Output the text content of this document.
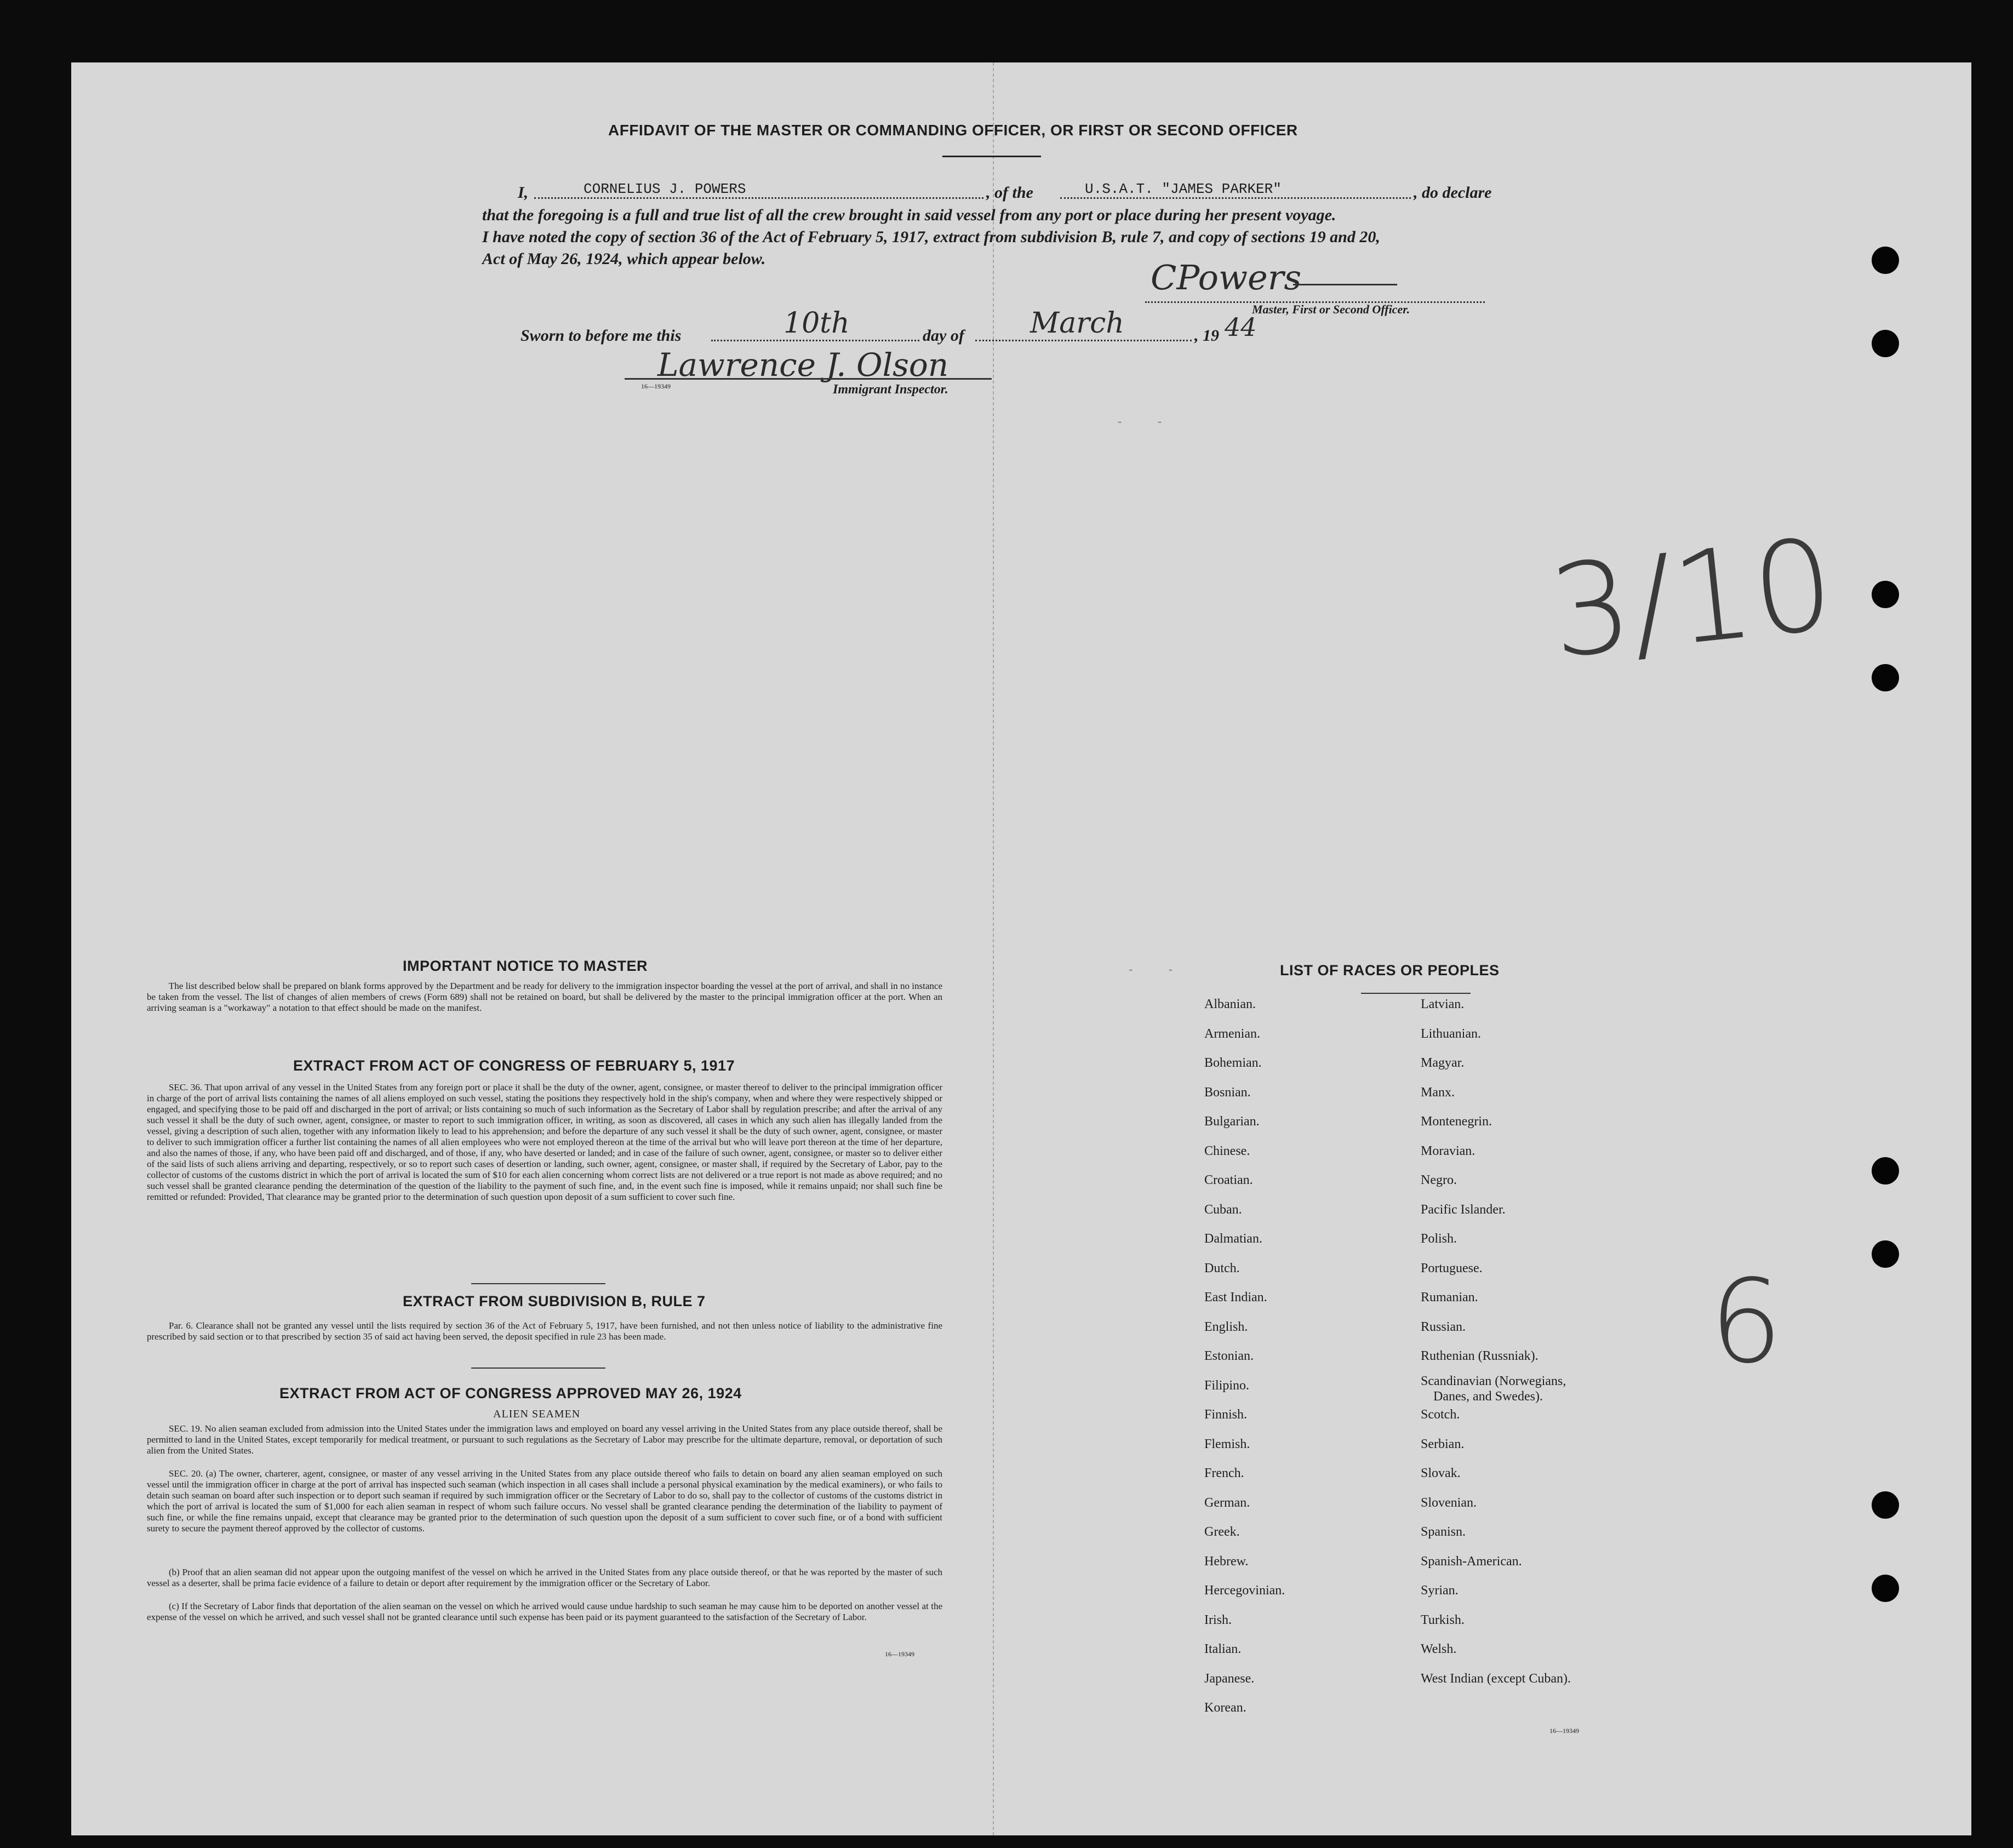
AFFIDAVIT OF THE MASTER OR COMMANDING OFFICER, OR FIRST OR SECOND OFFICER
I,	CORNELIUS J. POWERS	, of the	U.S.A.T. "JAMES PARKER"	, do declare
that the foregoing is a full and true list of all the crew brought in said vessel from any port or place during her present voyage.
I have noted the copy of section 36 of the Act of February 5, 1917, extract from subdivision B, rule 7, and copy of sections 19 and 20,
Act of May 26, 1924, which appear below.	CPowers
Master, First or Second Officer.
Sworn to before me this	10th	day of March	, 19 44
Lawrence J. Olson
16—19349	Immigrant Inspector.
3/10
6
- -
- -
IMPORTANT NOTICE TO MASTER
The list described below shall be prepared on blank forms approved by the Department and be ready for delivery to the immigration inspector boarding the vessel at the port of arrival, and shall in no instance be taken from the vessel. The list of changes of alien members of crews (Form 689) shall not be retained on board, but shall be delivered by the master to the principal immigration officer at the port. When an arriving seaman is a "workaway" a notation to that effect should be made on the manifest.
EXTRACT FROM ACT OF CONGRESS OF FEBRUARY 5, 1917
SEC. 36. That upon arrival of any vessel in the United States from any foreign port or place it shall be the duty of the owner, agent, consignee, or master thereof to deliver to the principal immigration officer in charge of the port of arrival lists containing the names of all aliens employed on such vessel, stating the positions they respectively hold in the ship's company, when and where they were respectively shipped or engaged, and specifying those to be paid off and discharged in the port of arrival; or lists containing so much of such information as the Secretary of Labor shall by regulation prescribe; and after the arrival of any such vessel it shall be the duty of such owner, agent, consignee, or master to report to such immigration officer, in writing, as soon as discovered, all cases in which any such alien has illegally landed from the vessel, giving a description of such alien, together with any information likely to lead to his apprehension; and before the departure of any such vessel it shall be the duty of such owner, agent, consignee, or master to deliver to such immigration officer a further list containing the names of all alien employees who were not employed thereon at the time of the arrival but who will leave port thereon at the time of her departure, and also the names of those, if any, who have been paid off and discharged, and of those, if any, who have deserted or landed; and in case of the failure of such owner, agent, consignee, or master so to deliver either of the said lists of such aliens arriving and departing, respectively, or so to report such cases of desertion or landing, such owner, agent, consignee, or master shall, if required by the Secretary of Labor, pay to the collector of customs of the customs district in which the port of arrival is located the sum of $10 for each alien concerning whom correct lists are not delivered or a true report is not made as above required; and no such vessel shall be granted clearance pending the determination of the question of the liability to the payment of such fine, and, in the event such fine is imposed, while it remains unpaid; nor shall such fine be remitted or refunded: Provided, That clearance may be granted prior to the determination of such question upon deposit of a sum sufficient to cover such fine.
EXTRACT FROM SUBDIVISION B, RULE 7
Par. 6. Clearance shall not be granted any vessel until the lists required by section 36 of the Act of February 5, 1917, have been furnished, and not then unless notice of liability to the administrative fine prescribed by said section or to that prescribed by section 35 of said act having been served, the deposit specified in rule 23 has been made.
EXTRACT FROM ACT OF CONGRESS APPROVED MAY 26, 1924
ALIEN SEAMEN
SEC. 19. No alien seaman excluded from admission into the United States under the immigration laws and employed on board any vessel arriving in the United States from any place outside thereof, shall be permitted to land in the United States, except temporarily for medical treatment, or pursuant to such regulations as the Secretary of Labor may prescribe for the ultimate departure, removal, or deportation of such alien from the United States.
SEC. 20. (a) The owner, charterer, agent, consignee, or master of any vessel arriving in the United States from any place outside thereof who fails to detain on board any alien seaman employed on such vessel until the immigration officer in charge at the port of arrival has inspected such seaman (which inspection in all cases shall include a personal physical examination by the medical examiners), or who fails to detain such seaman on board after such inspection or to deport such seaman if required by such immigration officer or the Secretary of Labor to do so, shall pay to the collector of customs of the customs district in which the port of arrival is located the sum of $1,000 for each alien seaman in respect of whom such failure occurs. No vessel shall be granted clearance pending the determination of the liability to payment of such fine, or while the fine remains unpaid, except that clearance may be granted prior to the determination of such question upon the deposit of a sum sufficient to cover such fine, or of a bond with sufficient surety to secure the payment thereof approved by the collector of customs.
(b) Proof that an alien seaman did not appear upon the outgoing manifest of the vessel on which he arrived in the United States from any place outside thereof, or that he was reported by the master of such vessel as a deserter, shall be prima facie evidence of a failure to detain or deport after requirement by the immigration officer or the Secretary of Labor.
(c) If the Secretary of Labor finds that deportation of the alien seaman on the vessel on which he arrived would cause undue hardship to such seaman he may cause him to be deported on another vessel at the expense of the vessel on which he arrived, and such vessel shall not be granted clearance until such expense has been paid or its payment guaranteed to the satisfaction of the Secretary of Labor.
16—19349
LIST OF RACES OR PEOPLES
Albanian.
Armenian.
Bohemian.
Bosnian.
Bulgarian.
Chinese.
Croatian.
Cuban.
Dalmatian.
Dutch.
East Indian.
English.
Estonian.
Filipino.
Finnish.
Flemish.
French.
German.
Greek.
Hebrew.
Hercegovinian.
Irish.
Italian.
Japanese.
Korean.
Latvian.
Lithuanian.
Magyar.
Manx.
Montenegrin.
Moravian.
Negro.
Pacific Islander.
Polish.
Portuguese.
Rumanian.
Russian.
Ruthenian (Russniak).
Scandinavian (Norwegians,
Danes, and Swedes).
Scotch.
Serbian.
Slovak.
Slovenian.
Spanisn.
Spanish-American.
Syrian.
Turkish.
Welsh.
West Indian (except Cuban).
16—19349
